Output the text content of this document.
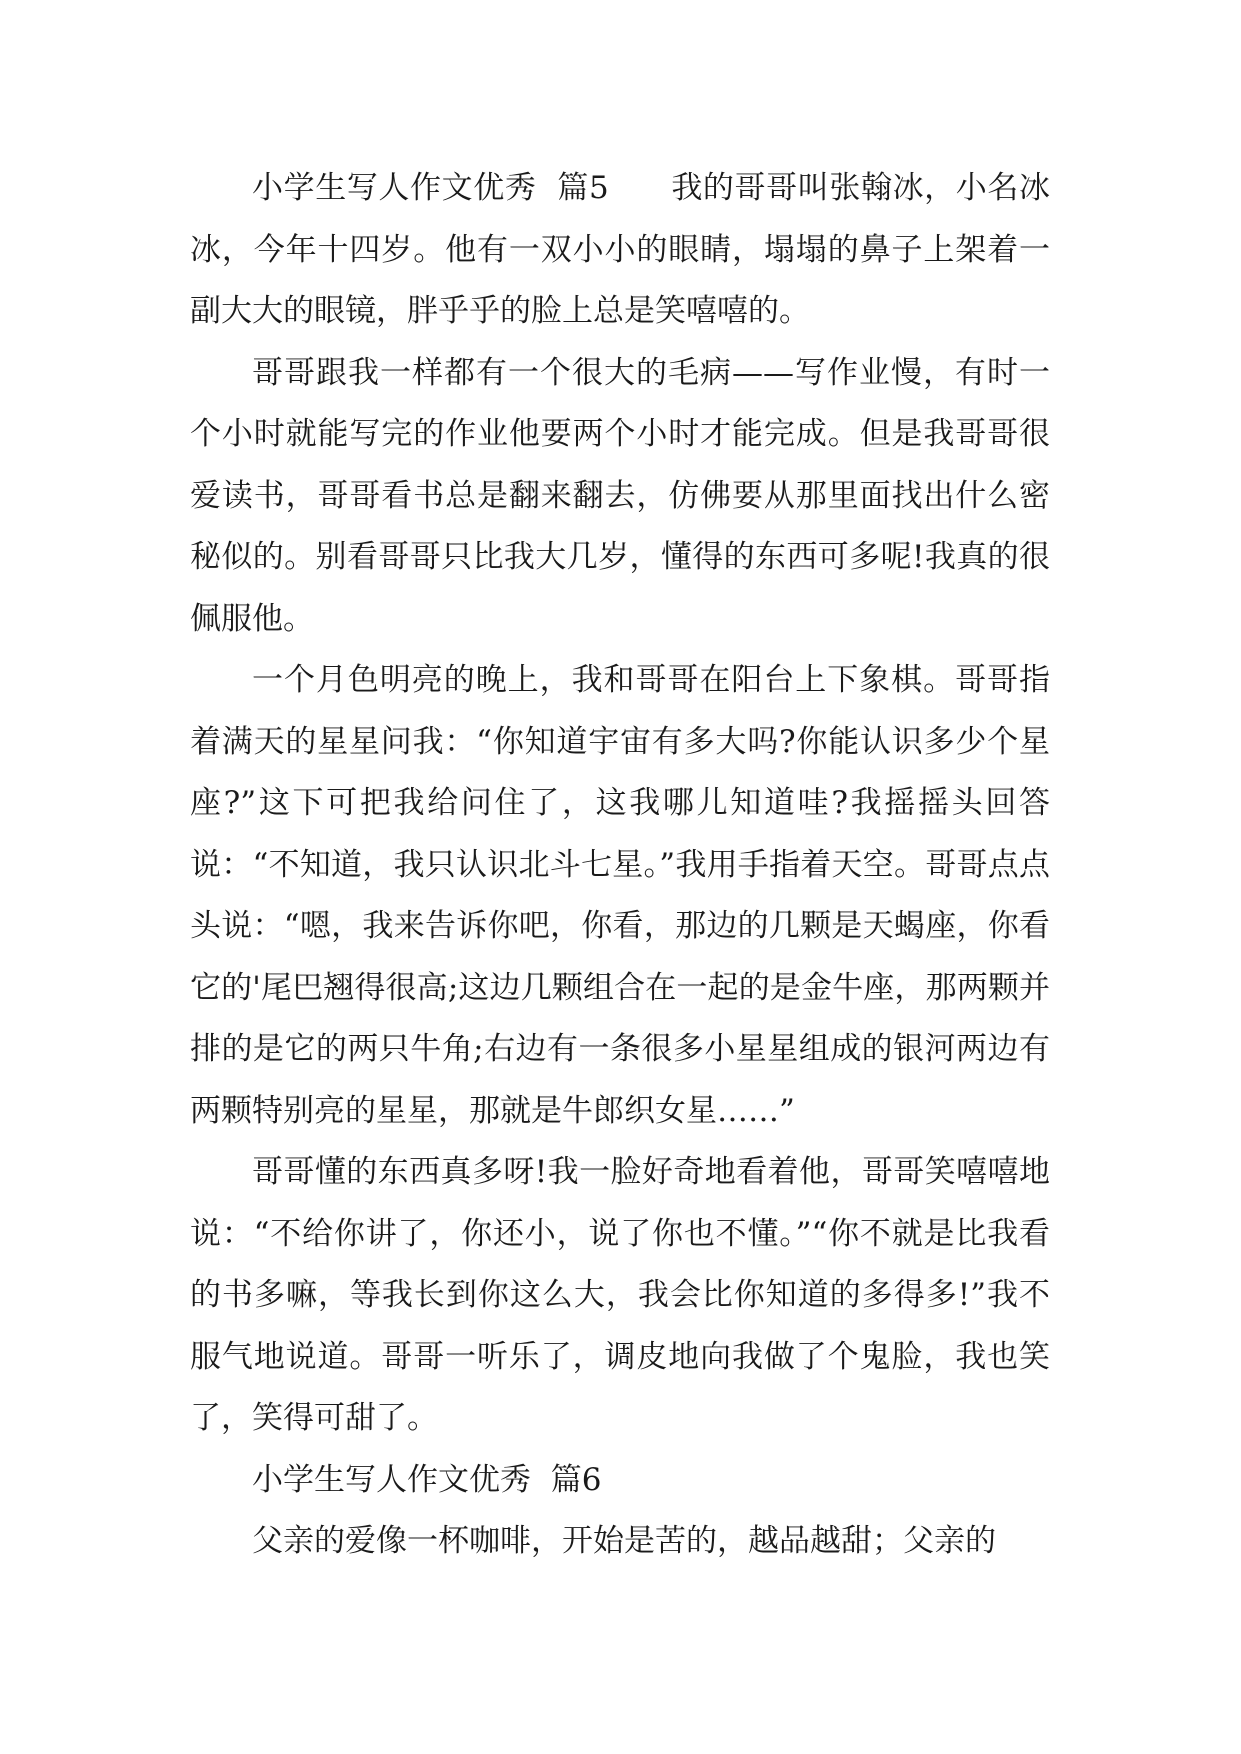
小学生写人作文优秀  篇5 我的哥哥叫张翰冰，小名冰冰，今年十四岁。他有一双小小的眼睛，塌塌的鼻子上架着一副大大的眼镜，胖乎乎的脸上总是笑嘻嘻的。

哥哥跟我一样都有一个很大的毛病——写作业慢，有时一个小时就能写完的作业他要两个小时才能完成。但是我哥哥很爱读书，哥哥看书总是翻来翻去，仿佛要从那里面找出什么密秘似的。别看哥哥只比我大几岁，懂得的东西可多呢!我真的很佩服他。

一个月色明亮的晚上，我和哥哥在阳台上下象棋。哥哥指着满天的星星问我：“你知道宇宙有多大吗?你能认识多少个星座?”这下可把我给问住了，这我哪儿知道哇?我摇摇头回答说：“不知道，我只认识北斗七星。”我用手指着天空。哥哥点点头说：“嗯，我来告诉你吧，你看，那边的几颗是天蝎座，你看它的'尾巴翘得很高;这边几颗组合在一起的是金牛座，那两颗并排的是它的两只牛角;右边有一条很多小星星组成的银河两边有两颗特别亮的星星，那就是牛郎织女星……”

哥哥懂的东西真多呀!我一脸好奇地看着他，哥哥笑嘻嘻地说：“不给你讲了，你还小，说了你也不懂。”“你不就是比我看的书多嘛，等我长到你这么大，我会比你知道的多得多!”我不服气地说道。哥哥一听乐了，调皮地向我做了个鬼脸，我也笑了，笑得可甜了。

小学生写人作文优秀  篇6

父亲的爱像一杯咖啡，开始是苦的，越品越甜；父亲的
